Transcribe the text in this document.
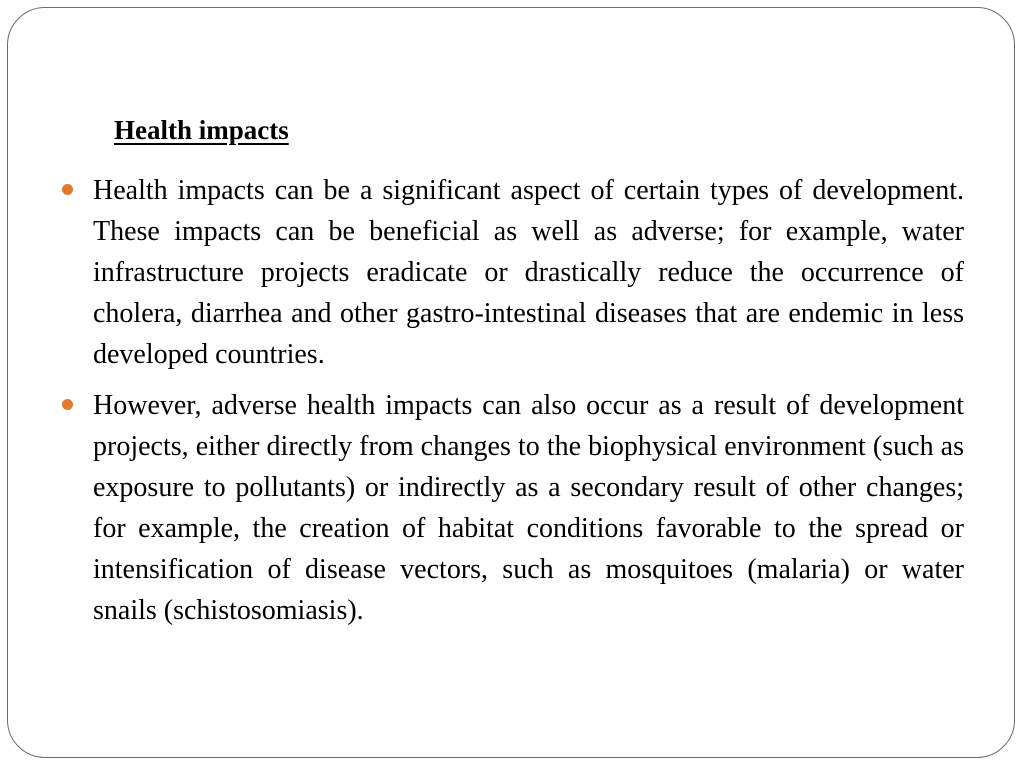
Health impacts
Health impacts can be a significant aspect of certain types of development. These impacts can be beneficial as well as adverse; for example, water infrastructure projects eradicate or drastically reduce the occurrence of cholera, diarrhea and other gastro-intestinal diseases that are endemic in less developed countries.
However, adverse health impacts can also occur as a result of development projects, either directly from changes to the biophysical environment (such as exposure to pollutants) or indirectly as a secondary result of other changes; for example, the creation of habitat conditions favorable to the spread or intensification of disease vectors, such as mosquitoes (malaria) or water snails (schistosomiasis).
